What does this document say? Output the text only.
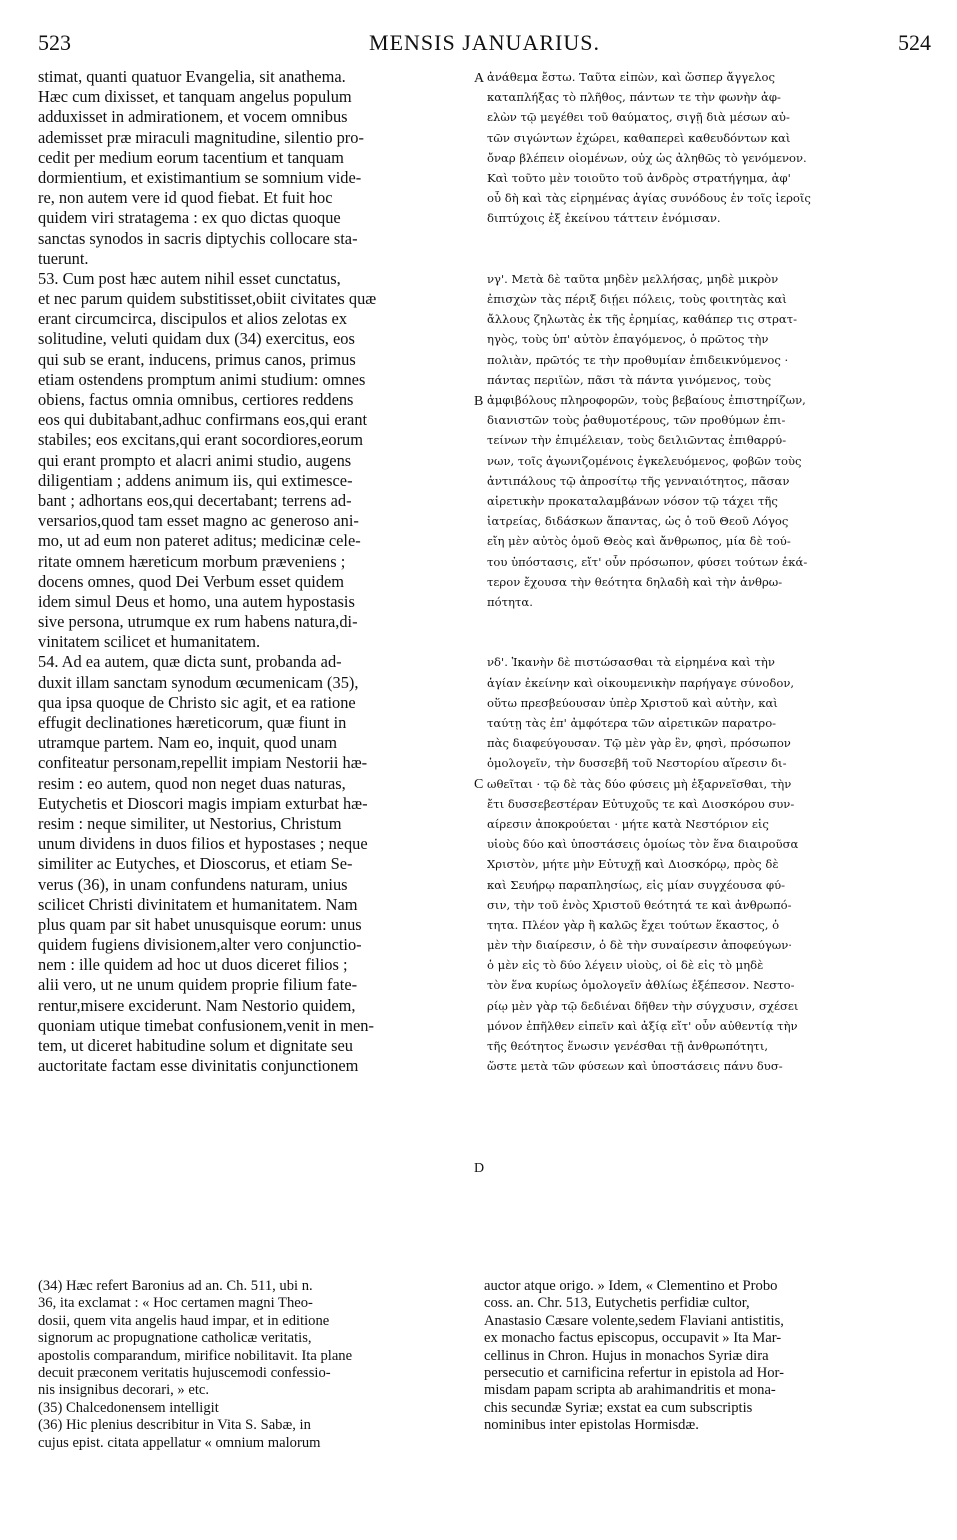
523	MENSIS JANUARIUS.	524
stimat, quanti quatuor Evangelia, sit anathema.
Hæc cum dixisset, et tanquam angelus populum
adduxisset in admirationem, et vocem omnibus
ademisset præ miraculi magnitudine, silentio pro-
cedit per medium eorum tacentium et tanquam
dormientium, et existimantium se somnium vide-
re, non autem vere id quod fiebat. Et fuit hoc
quidem viri stratagema : ex quo dictas quoque
sanctas synodos in sacris diptychis collocare sta-
tuerunt.
53. Cum post hæc autem nihil esset cunctatus,
et nec parum quidem substitisset,obiit civitates quæ
erant circumcirca, discipulos et alios zelotas ex
solitudine, veluti quidam dux (34) exercitus, eos
qui sub se erant, inducens, primus canos, primus
etiam ostendens promptum animi studium: omnes
obiens, factus omnia omnibus, certiores reddens
eos qui dubitabant,adhuc confirmans eos,qui erant
stabiles; eos excitans,qui erant socordiores,eorum
qui erant prompto et alacri animi studio, augens
diligentiam ; addens animum iis, qui extimesce-
bant ; adhortans eos,qui decertabant; terrens ad-
versarios,quod tam esset magno ac generoso ani-
mo, ut ad eum non pateret aditus; medicinæ cele-
ritate omnem hæreticum morbum præveniens ;
docens omnes, quod Dei Verbum esset quidem
idem simul Deus et homo, una autem hypostasis
sive persona, utrumque ex rum habens natura,di-
vinitatem scilicet et humanitatem.
54. Ad ea autem, quæ dicta sunt, probanda ad-
duxit illam sanctam synodum œcumenicam (35),
qua ipsa quoque de Christo sic agit, et ea ratione
effugit declinationes hæreticorum, quæ fiunt in
utramque partem. Nam eo, inquit, quod unam
confiteatur personam,repellit impiam Nestorii hæ-
resim : eo autem, quod non neget duas naturas,
Eutychetis et Dioscori magis impiam exturbat hæ-
resim : neque similiter, ut Nestorius, Christum
unum dividens in duos filios et hypostases ; neque
similiter ac Eutyches, et Dioscorus, et etiam Se-
verus (36), in unam confundens naturam, unius
scilicet Christi divinitatem et humanitatem. Nam
plus quam par sit habet unusquisque eorum: unus
quidem fugiens divisionem,alter vero conjunctio-
nem : ille quidem ad hoc ut duos diceret filios ;
alii vero, ut ne unum quidem proprie filium fate-
rentur,misere exciderunt. Nam Nestorio quidem,
quoniam utique timebat confusionem,venit in men-
tem, ut diceret habitudine solum et dignitate seu
auctoritate factam esse divinitatis conjunctionem
ἀνάθεμα ἔστω. Ταῦτα εἰπὼν, καὶ ὥσπερ ἄγγελος
καταπλήξας τὸ πλῆθος, πάντων τε τὴν φωνὴν ἀφ-
ελὼν τῷ μεγέθει τοῦ θαύματος, σιγῇ διὰ μέσων αὐ-
τῶν σιγώντων ἐχώρει, καθαπερεὶ καθευδόντων καὶ
ὄναρ βλέπειν οἰομένων, οὐχ ὡς ἀληθῶς τὸ γενόμενον.
Καὶ τοῦτο μὲν τοιοῦτο τοῦ ἀνδρὸς στρατήγημα, ἀφ'
οὗ δὴ καὶ τὰς εἰρημένας ἁγίας συνόδους ἐν τοῖς ἱεροῖς
διπτύχοις ἐξ ἐκείνου τάττειν ἐνόμισαν.

νγ'. Μετὰ δὲ ταῦτα μηδὲν μελλήσας, μηδὲ μικρὸν
ἐπισχὼν τὰς πέριξ διῄει πόλεις, τοὺς φοιτητὰς καὶ
ἄλλους ζηλωτὰς ἐκ τῆς ἐρημίας, καθάπερ τις στρατ-
ηγὸς, τοὺς ὑπ' αὐτὸν ἐπαγόμενος, ὁ πρῶτος τὴν
πολιὰν, πρῶτός τε τὴν προθυμίαν ἐπιδεικνύμενος ·
πάντας περιϊὼν, πᾶσι τὰ πάντα γινόμενος, τοὺς
ἀμφιβόλους πληροφορῶν, τοὺς βεβαίους ἐπιστηρίζων,
διανιστῶν τοὺς ῥαθυμοτέρους, τῶν προθύμων ἐπι-
τείνων τὴν ἐπιμέλειαν, τοὺς δειλιῶντας ἐπιθαρρύ-
νων, τοῖς ἀγωνιζομένοις ἐγκελευόμενος, φοβῶν τοὺς
ἀντιπάλους τῷ ἀπροσίτῳ τῆς γενναιότητος, πᾶσαν
αἱρετικὴν προκαταλαμβάνων νόσον τῷ τάχει τῆς
ἰατρείας, διδάσκων ἅπαντας, ὡς ὁ τοῦ Θεοῦ Λόγος
εἴη μὲν αὐτὸς ὁμοῦ Θεὸς καὶ ἄνθρωπος, μία δὲ τού-
του ὑπόστασις, εἴτ' οὖν πρόσωπον, φύσει τούτων ἑκά-
τερον ἔχουσα τὴν θεότητα δηλαδὴ καὶ τὴν ἀνθρω-
πότητα.

νδ'. Ἱκανὴν δὲ πιστώσασθαι τὰ εἰρημένα καὶ τὴν
ἁγίαν ἐκείνην καὶ οἰκουμενικὴν παρήγαγε σύνοδον,
οὕτω πρεσβεύουσαν ὑπὲρ Χριστοῦ καὶ αὐτὴν, καὶ
ταύτῃ τὰς ἐπ' ἀμφότερα τῶν αἱρετικῶν παρατρο-
πὰς διαφεύγουσαν. Τῷ μὲν γὰρ ἓν, φησὶ, πρόσωπον
ὁμολογεῖν, τὴν δυσσεβῆ τοῦ Νεστορίου αἵρεσιν δι-
ωθεῖται · τῷ δὲ τὰς δύο φύσεις μὴ ἐξαρνεῖσθαι, τὴν
ἔτι δυσσεβεστέραν Εὐτυχοῦς τε καὶ Διοσκόρου συν-
αίρεσιν ἀποκρούεται · μήτε κατὰ Νεστόριον εἰς
υἱοὺς δύο καὶ ὑποστάσεις ὁμοίως τὸν ἕνα διαιροῦσα
Χριστὸν, μήτε μὴν Εὐτυχῇ καὶ Διοσκόρῳ, πρὸς δὲ
καὶ Σευήρῳ παραπλησίως, εἰς μίαν συγχέουσα φύ-
σιν, τὴν τοῦ ἑνὸς Χριστοῦ θεότητά τε καὶ ἀνθρωπό-
τητα. Πλέον γὰρ ἢ καλῶς ἔχει τούτων ἕκαστος, ὁ
μὲν τὴν διαίρεσιν, ὁ δὲ τὴν συναίρεσιν ἀποφεύγων·
ὁ μὲν εἰς τὸ δύο λέγειν υἱοὺς, οἱ δὲ εἰς τὸ μηδὲ
τὸν ἕνα κυρίως ὁμολογεῖν ἀθλίως ἐξέπεσον. Νεστο-
ρίῳ μὲν γὰρ τῷ δεδιέναι δῆθεν τὴν σύγχυσιν, σχέσει
μόνον ἐπῆλθεν εἰπεῖν καὶ ἀξίᾳ εἴτ' οὖν αὐθεντίᾳ τὴν
τῆς θεότητος ἕνωσιν γενέσθαι τῇ ἀνθρωπότητι,
ὥστε μετὰ τῶν φύσεων καὶ ὑποστάσεις πάνυ δυσ-
A
B
C
D
(34) Hæc refert Baronius ad an. Ch. 511, ubi n.
36, ita exclamat : « Hoc certamen magni Theo-
dosii, quem vita angelis haud impar, et in editione
signorum ac propugnatione catholicæ veritatis,
apostolis comparandum, mirifice nobilitavit. Ita plane
decuit præconem veritatis hujuscemodi confessio-
nis insignibus decorari, » etc.
(35) Chalcedonensem intelligit
(36) Hic plenius describitur in Vita S. Sabæ, in
cujus epist. citata appellatur « omnium malorum
auctor atque origo. » Idem, « Clementino et Probo
coss. an. Chr. 513, Eutychetis perfidiæ cultor,
Anastasio Cæsare volente,sedem Flaviani antistitis,
ex monacho factus episcopus, occupavit » Ita Mar-
cellinus in Chron. Hujus in monachos Syriæ dira
persecutio et carnificina refertur in epistola ad Hor-
misdam papam scripta ab arahimandritis et mona-
chis secundæ Syriæ; exstat ea cum subscriptis
nominibus inter epistolas Hormisdæ.
